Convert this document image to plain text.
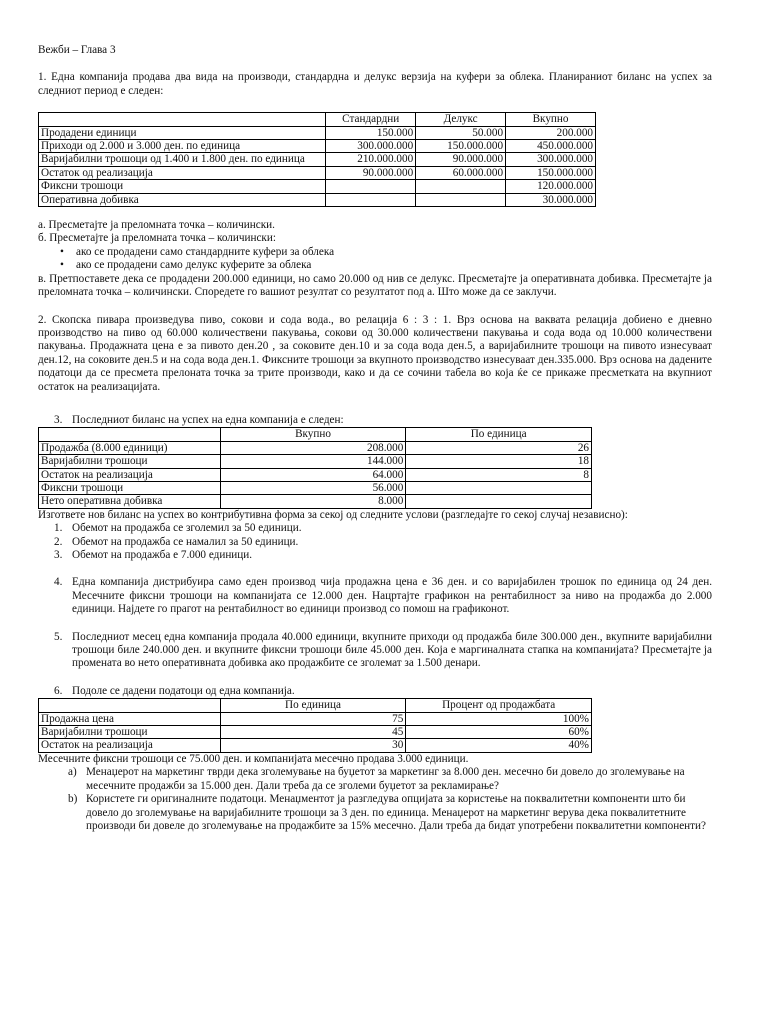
Вежби – Глава 3

1. Една компанија продава два вида на производи, стандардна и делукс верзија на куфери за облека. Планираниот биланс на успех за следниот период е следен:

	Стандардни	Делукс	Вкупно
Продадени единици	150.000	50.000	200.000
Приходи од 2.000 и 3.000 ден. по единица	300.000.000	150.000.000	450.000.000
Варијабилни трошоци од 1.400 и 1.800 ден. по единица	210.000.000	90.000.000	300.000.000
Остаток од реализација	90.000.000	60.000.000	150.000.000
Фиксни трошоци			120.000.000
Оперативна добивка			30.000.000

а. Пресметајте ја преломната точка – количински.

б. Пресметајте ја преломната точка – количински:

• ако се продадени само стандардните куфери за облека
• ако се продадени само делукс куферите за облека

в. Претпоставете дека се продадени 200.000 единици, но само 20.000 од нив се делукс. Пресметајте ја оперативната добивка. Пресметајте ја преломната точка – количински. Споредете го вашиот резултат со резултатот под а. Што може да се заклучи.

2. Скопска пивара произведува пиво, сокови и сода вода., во релација 6 : 3 : 1. Врз основа на ваквата релација добиено е дневно производство на пиво од 60.000 количествени пакувања, сокови од 30.000 количествени пакувања и сода вода од 10.000 количествени пакувања. Продажната цена е за пивото ден.20 , за соковите ден.10 и за сода вода ден.5, а варијабилните трошоци на пивото изнесуваат ден.12, на соковите ден.5 и на сода вода ден.1. Фиксните трошоци за вкупното производство изнесуваат ден.335.000. Врз основа на дадените податоци да се пресмета прелоната точка за трите производи, како и да се сочини табела во која ќе се прикаже пресметката на вкупниот остаток на реализацијата.

3. Последниот биланс на успех на една компанија е следен:
	Вкупно	По единица
Продажба (8.000 единици)	208.000	26
Варијабилни трошоци	144.000	18
Остаток на реализација	64.000	8
Фиксни трошоци	56.000	
Нето оперативна добивка	8.000	

Изгответе нов биланс на успех во контрибутивна форма за секој од следните услови (разгледајте го секој случај независно):

1. Обемот на продажба се зголемил за 50 единици.
2. Обемот на продажба се намалил за 50 единици.
3. Обемот на продажба е 7.000 единици.
4. Една компанија дистрибуира само еден производ чија продажна цена е 36 ден. и со варијабилен трошок по единица од 24 ден. Месечните фиксни трошоци на компанијата се 12.000 ден. Нацртајте графикон на рентабилност за ниво на продажба до 2.000 единици. Најдете го прагот на рентабилност во единици производ со помош на графиконот.
5. Последниот месец една компанија продала 40.000 единици, вкупните приходи од продажба биле 300.000 ден., вкупните варијабилни трошоци биле 240.000 ден. и вкупните фиксни трошоци биле 45.000 ден. Која е маргиналната стапка на компанијата? Пресметајте ја промената во нето оперативната добивка ако продажбите се зголемат за 1.500 денари.
6. Подоле се дадени податоци од една компанија.
	По единица	Процент од продажбата
Продажна цена	75	100%
Варијабилни трошоци	45	60%
Остаток на реализација	30	40%

Месечните фиксни трошоци се 75.000 ден. и компанијата месечно продава 3.000 единици.

a) Менаџерот на маркетинг тврди дека зголемување на буџетот за маркетинг за 8.000 ден. месечно би довело до зголемување на месечните продажби за 15.000 ден. Дали треба да се зголеми буџетот за рекламирање?
b) Користете ги оригиналните податоци. Менаџментот ја разгледува опцијата за користење на поквалитетни компоненти што би довело до зголемување на варијабилните трошоци за 3 ден. по единица. Менаџерот на маркетинг верува дека поквалитетните производи би довеле до зголемување на продажбите за 15% месечно. Дали треба да бидат употребени поквалитетни компоненти?
